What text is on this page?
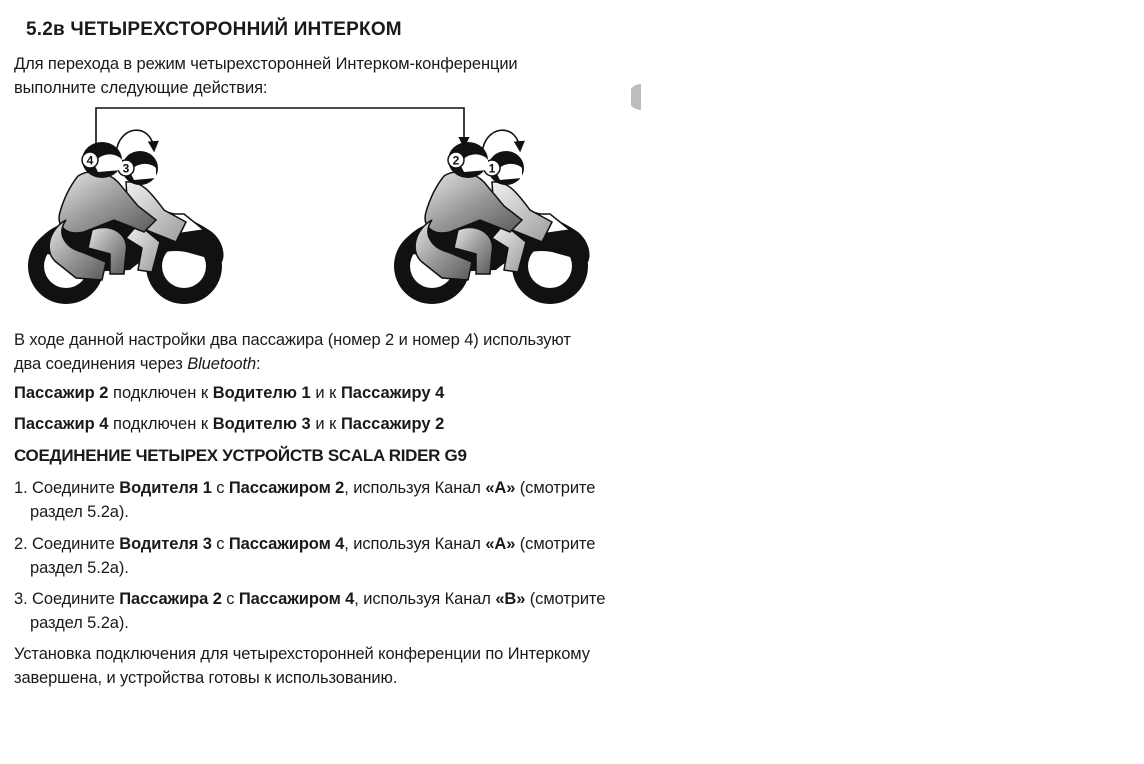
5.2в ЧЕТЫРЕХСТОРОННИЙ ИНТЕРКОМ

Для перехода в режим четырехсторонней Интерком-конференции
выполните следующие действия:

3
4
1
2

В ходе данной настройки два пассажира (номер 2 и номер 4) используют
два соединения через Bluetooth:

Пассажир 2 подключен к Водителю 1 и к Пассажиру 4

Пассажир 4 подключен к Водителю 3 и к Пассажиру 2

СОЕДИНЕНИЕ ЧЕТЫРЕХ УСТРОЙСТВ SCALA RIDER G9

1. Соедините Водителя 1 с Пассажиром 2, используя Канал «A» (смотрите
раздел 5.2а).

2. Соедините Водителя 3 с Пассажиром 4, используя Канал «A» (смотрите
раздел 5.2а).

3. Соедините Пассажира 2 с Пассажиром 4, используя Канал «B» (смотрите
раздел 5.2а).

Установка подключения для четырехсторонней конференции по Интеркому
завершена, и устройства готовы к использованию.
